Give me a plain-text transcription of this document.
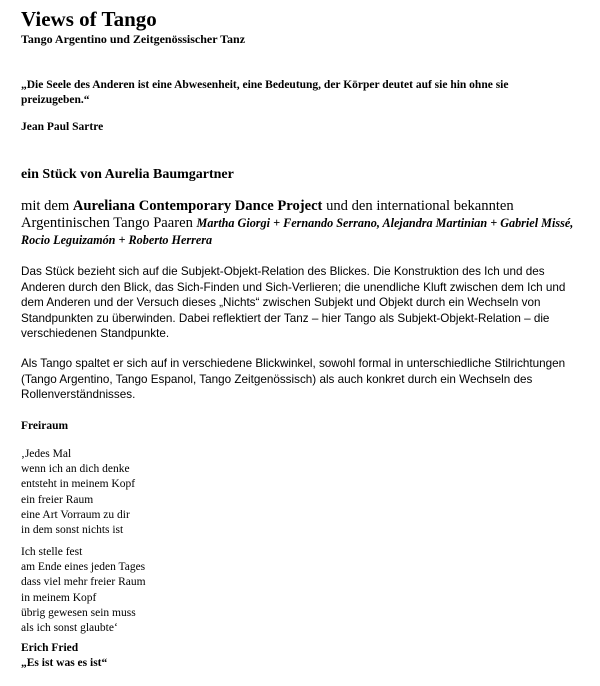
Views of Tango
Tango Argentino und Zeitgenössischer Tanz
„Die Seele des Anderen ist eine Abwesenheit, eine Bedeutung, der Körper deutet auf sie hin ohne sie preizugeben.“
Jean Paul Sartre
ein Stück von Aurelia Baumgartner
mit dem Aureliana Contemporary Dance Project und den international bekannten Argentinischen Tango Paaren Martha Giorgi + Fernando Serrano, Alejandra Martinian + Gabriel Missé, Rocio Leguizamón + Roberto Herrera
Das Stück bezieht sich auf die Subjekt-Objekt-Relation des Blickes. Die Konstruktion des Ich und des Anderen durch den Blick, das Sich-Finden und Sich-Verlieren; die unendliche Kluft zwischen dem Ich und dem Anderen und der Versuch dieses „Nichts“ zwischen Subjekt und Objekt durch ein Wechseln von Standpunkten zu überwinden. Dabei reflektiert der Tanz – hier Tango als Subjekt-Objekt-Relation – die verschiedenen Standpunkte.
Als Tango spaltet er sich auf in verschiedene Blickwinkel, sowohl formal in unterschiedliche Stilrichtungen (Tango Argentino, Tango Espanol, Tango Zeitgenössisch) als auch konkret durch ein Wechseln des Rollenverständnisses.
Freiraum
‚Jedes Mal
wenn ich an dich denke
entsteht in meinem Kopf
ein freier Raum
eine Art Vorraum zu dir
in dem sonst nichts ist
Ich stelle fest
am Ende eines jeden Tages
dass viel mehr freier Raum
in meinem Kopf
übrig gewesen sein muss
als ich sonst glaubte‘
Erich Fried
„Es ist was es ist“
